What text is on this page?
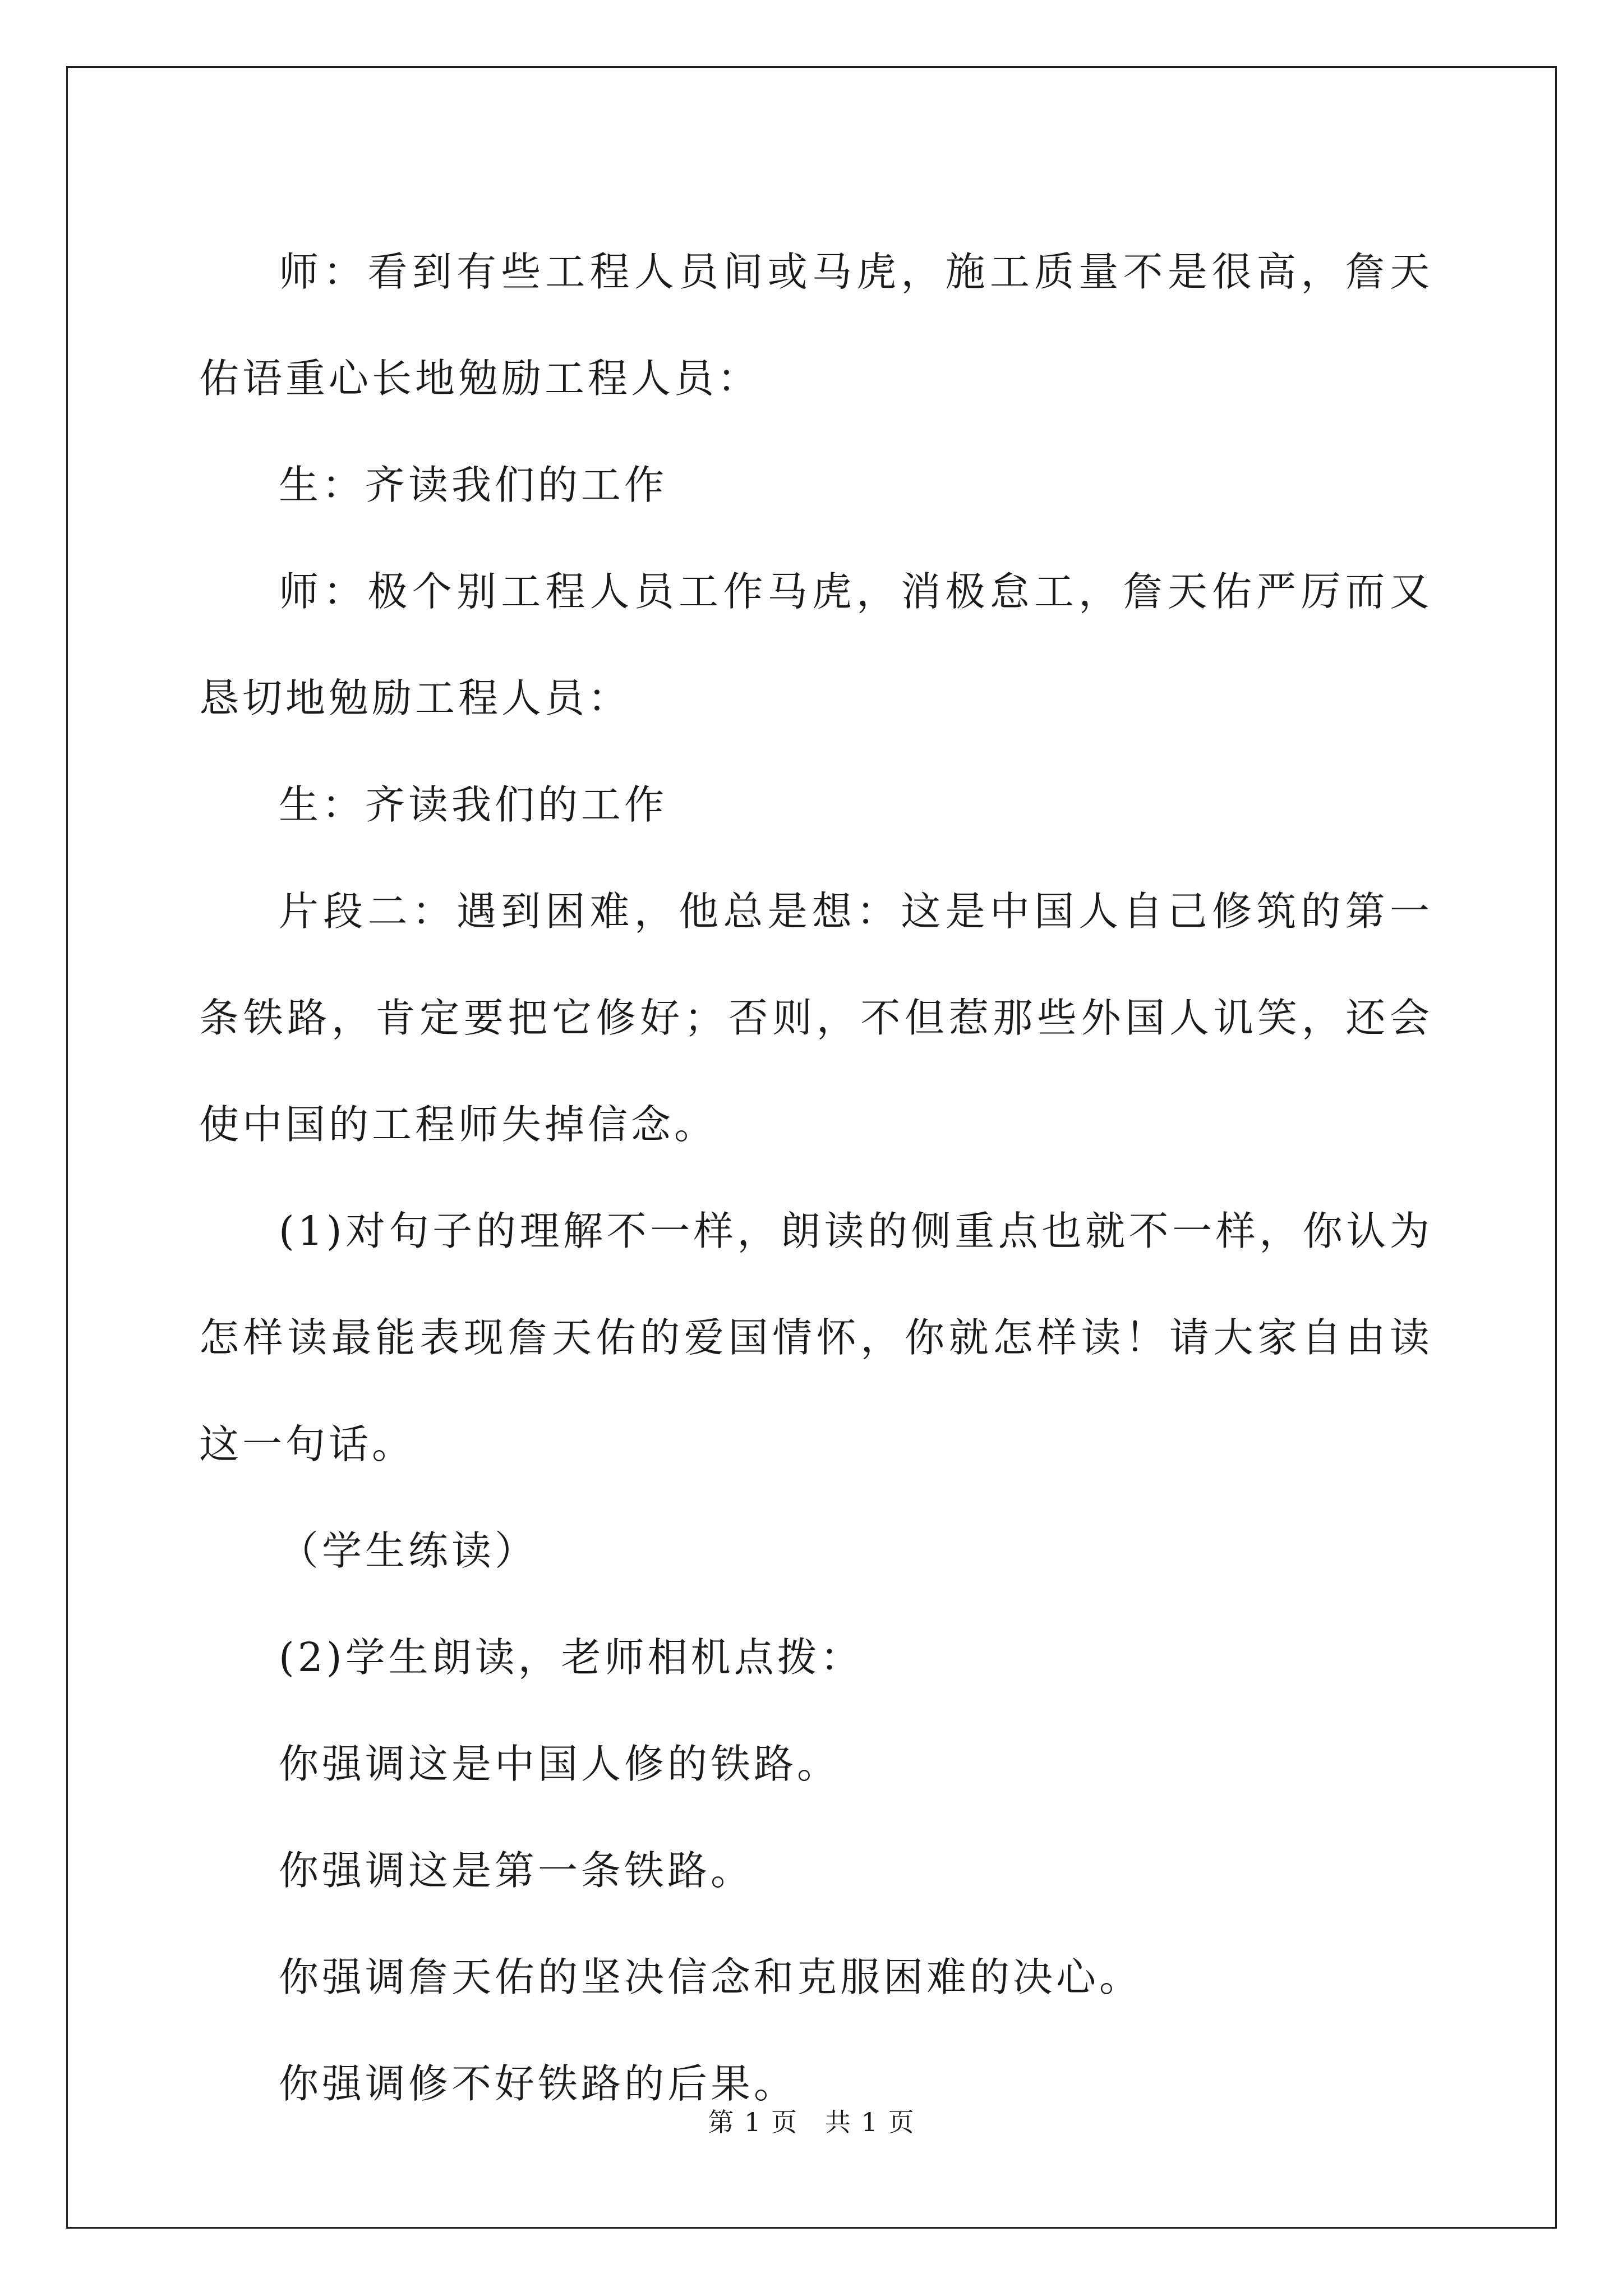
师：看到有些工程人员间或马虎，施工质量不是很高，詹天佑语重心长地勉励工程人员：

生：齐读我们的工作

师：极个别工程人员工作马虎，消极怠工，詹天佑严厉而又恳切地勉励工程人员：

生：齐读我们的工作

片段二：遇到困难，他总是想：这是中国人自己修筑的第一条铁路，肯定要把它修好；否则，不但惹那些外国人讥笑，还会使中国的工程师失掉信念。

(1)对句子的理解不一样，朗读的侧重点也就不一样，你认为怎样读最能表现詹天佑的爱国情怀，你就怎样读！请大家自由读这一句话。

（学生练读）

(2)学生朗读，老师相机点拨：

你强调这是中国人修的铁路。

你强调这是第一条铁路。

你强调詹天佑的坚决信念和克服困难的决心。

你强调修不好铁路的后果。

第 1 页 共 1 页
